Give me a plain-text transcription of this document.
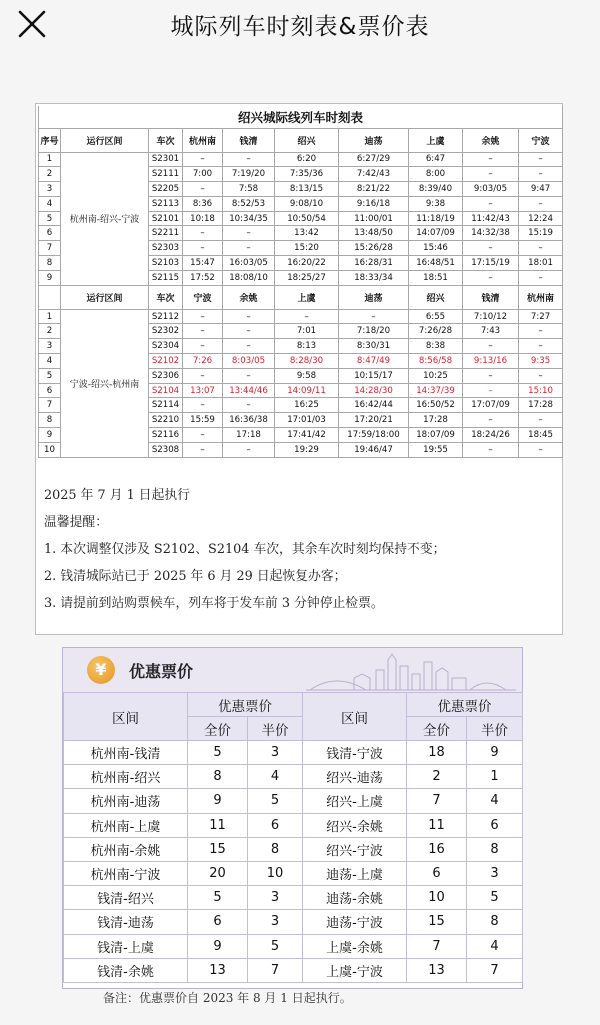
城际列车时刻表&票价表
绍兴城际线列车时刻表									
序号	运行区间	车次	杭州南	钱清	绍兴	迪荡	上虞	余姚	宁波
1	杭州南-绍兴-宁波	S2301	–	–	6:20	6:27/29	6:47	–	–
2		S2111	7:00	7:19/20	7:35/36	7:42/43	8:00	–	–
3		S2205	–	7:58	8:13/15	8:21/22	8:39/40	9:03/05	9:47
4		S2113	8:36	8:52/53	9:08/10	9:16/18	9:38	–	–
5		S2101	10:18	10:34/35	10:50/54	11:00/01	11:18/19	11:42/43	12:24
6		S2211	–	–	13:42	13:48/50	14:07/09	14:32/38	15:19
7		S2303	–	–	15:20	15:26/28	15:46	–	–
8		S2103	15:47	16:03/05	16:20/22	16:28/31	16:48/51	17:15/19	18:01
9		S2115	17:52	18:08/10	18:25/27	18:33/34	18:51	–	–
	运行区间	车次	宁波	余姚	上虞	迪荡	绍兴	钱清	杭州南
1	宁波-绍兴-杭州南	S2112	–	–	–	–	6:55	7:10/12	7:27
2		S2302	–	–	7:01	7:18/20	7:26/28	7:43	–
3		S2304	–	–	8:13	8:30/31	8:38	–	–
4		S2102	7:26	8:03/05	8:28/30	8:47/49	8:56/58	9:13/16	9:35
5		S2306	–	–	9:58	10:15/17	10:25	–	–
6		S2104	13:07	13:44/46	14:09/11	14:28/30	14:37/39	–	15:10
7		S2114	–	–	16:25	16:42/44	16:50/52	17:07/09	17:28
8		S2210	15:59	16:36/38	17:01/03	17:20/21	17:28	–	–
9		S2116	–	17:18	17:41/42	17:59/18:00	18:07/09	18:24/26	18:45
10		S2308	–	–	19:29	19:46/47	19:55	–	–
2025 年 7 月 1 日起执行
温馨提醒：
1. 本次调整仅涉及 S2102、S2104 车次，其余车次时刻均保持不变；
2. 钱清城际站已于 2025 年 6 月 29 日起恢复办客；
3. 请提前到站购票候车，列车将于发车前 3 分钟停止检票。
¥	优惠票价
区间	优惠票价		区间	优惠票价	
	全价	半价		全价	半价
杭州南-钱清	5	3	钱清-宁波	18	9
杭州南-绍兴	8	4	绍兴-迪荡	2	1
杭州南-迪荡	9	5	绍兴-上虞	7	4
杭州南-上虞	11	6	绍兴-余姚	11	6
杭州南-余姚	15	8	绍兴-宁波	16	8
杭州南-宁波	20	10	迪荡-上虞	6	3
钱清-绍兴	5	3	迪荡-余姚	10	5
钱清-迪荡	6	3	迪荡-宁波	15	8
钱清-上虞	9	5	上虞-余姚	7	4
钱清-余姚	13	7	上虞-宁波	13	7
备注：优惠票价自 2023 年 8 月 1 日起执行。
